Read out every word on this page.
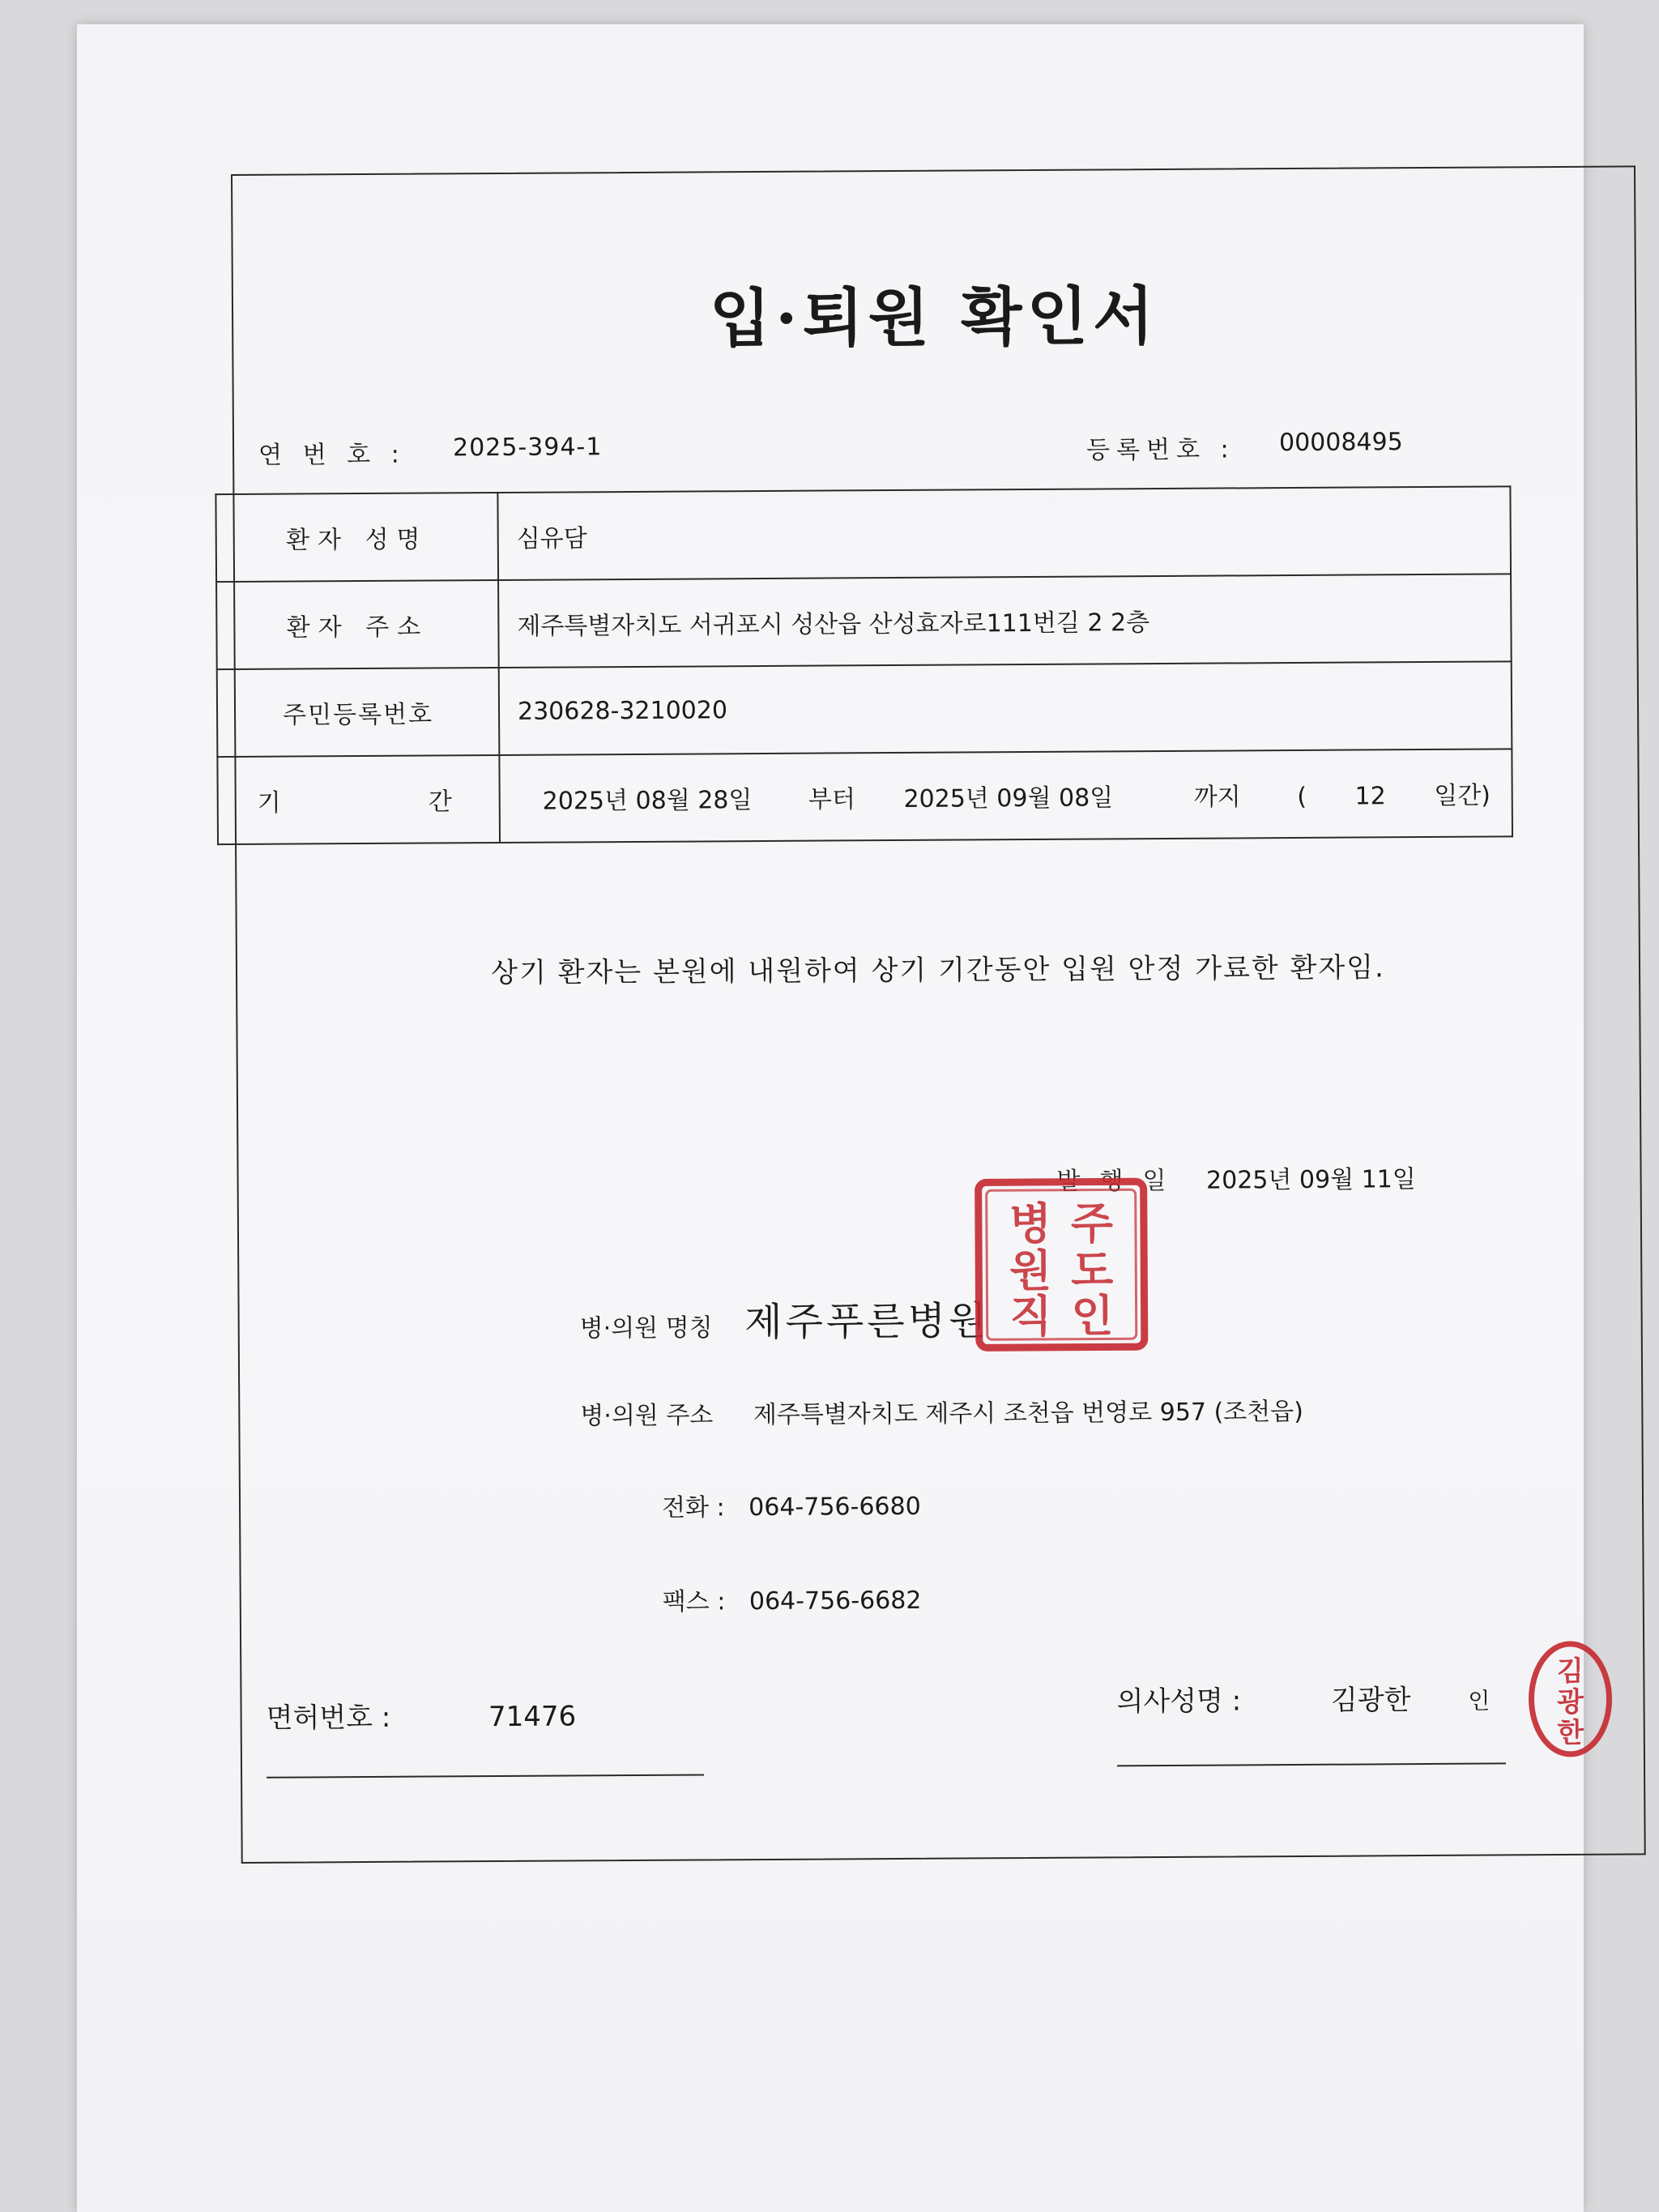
입·퇴원 확인서
연 번 호 : 2025-394-1	등록번호 : 00008495
환자 성명	심유담
환자 주소	제주특별자치도 서귀포시 성산읍 산성효자로111번길 2 2층
주민등록번호	230628-3210020
기 간	2025년 08월 28일 부터 2025년 09월 08일 까지 ( 12 일간)
상기 환자는 본원에 내원하여 상기 기간동안 입원 안정 가료한 환자임.
발행일 2025년 09월 11일
병·의원 명칭 제주푸른병원
병·의원 주소 제주특별자치도 제주시 조천읍 번영로 957 (조천읍)
전화 : 064-756-6680
팩스 : 064-756-6682
면허번호 :	71476	의사성명 :	김광한	인
주
도
인
병
원
직
김
광
한
